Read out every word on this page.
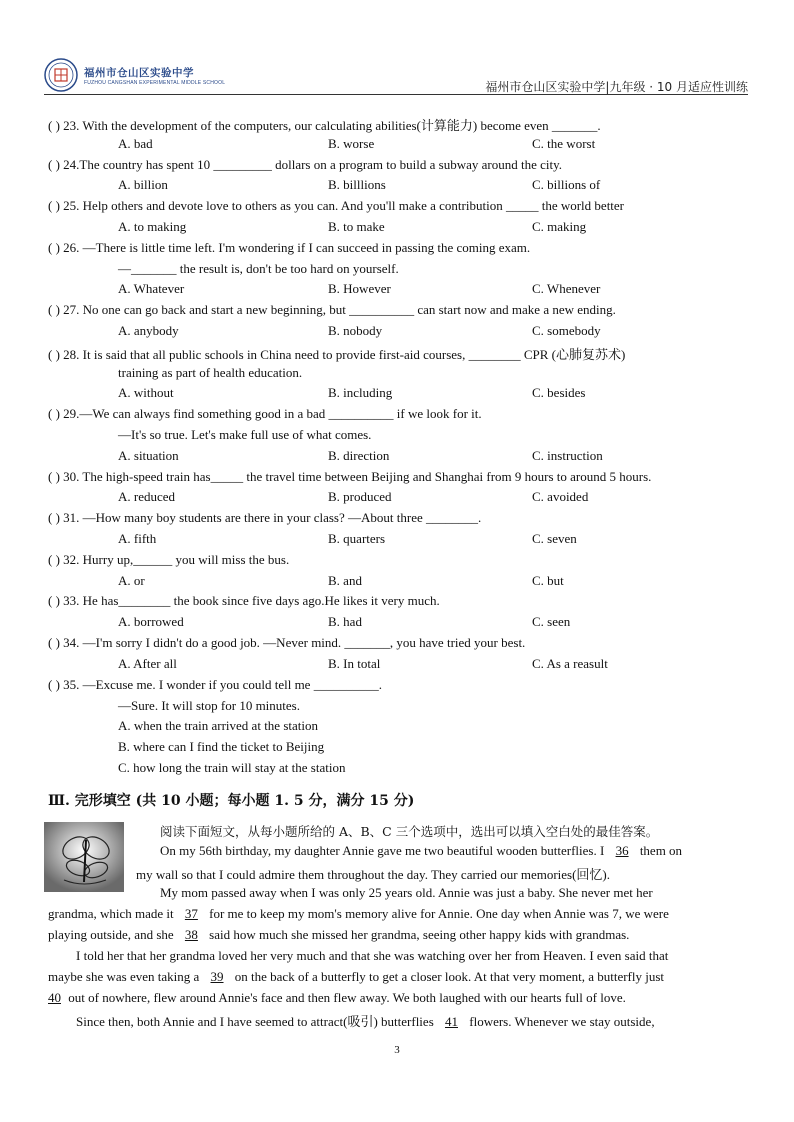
福州市仓山区实验中学
FUZHOU CANGSHAN EXPERIMENTAL MIDDLE SCHOOL	福州市仓山区实验中学|九年级 · 10 月适应性训练
( ) 23. With the development of the computers, our calculating abilities(计算能力) become even _______.
A. bad	B. worse	C. the worst
( ) 24.The country has spent 10 _________ dollars on a program to build a subway around the city.
A. billion	B. billlions	C. billions of
( ) 25. Help others and devote love to others as you can. And you'll make a contribution _____ the world better
A. to making	B. to make	C. making
( ) 26. —There is little time left. I'm wondering if I can succeed in passing the coming exam.
—_______ the result is, don't be too hard on yourself.
A. Whatever	B. However	C. Whenever
( ) 27. No one can go back and start a new beginning, but __________ can start now and make a new ending.
A. anybody	B. nobody	C. somebody
( ) 28. It is said that all public schools in China need to provide first-aid courses, ________ CPR (心肺复苏术)
training as part of health education.
A. without	B. including	C. besides
( ) 29.—We can always find something good in a bad __________ if we look for it.
—It's so true. Let's make full use of what comes.
A. situation	B. direction	C. instruction
( ) 30. The high-speed train has_____ the travel time between Beijing and Shanghai from 9 hours to around 5 hours.
A. reduced	B. produced	C. avoided
( ) 31. —How many boy students are there in your class? —About three ________.
A. fifth	B. quarters	C. seven
( ) 32. Hurry up,______ you will miss the bus.
A. or	B. and	C. but
( ) 33. He has________ the book since five days ago.He likes it very much.
A. borrowed	B. had	C. seen
( ) 34. —I'm sorry I didn't do a good job. —Never mind. _______, you have tried your best.
A. After all	B. In total	C. As a reasult
( ) 35. —Excuse me. I wonder if you could tell me __________.
—Sure. It will stop for 10 minutes.
A. when the train arrived at the station
B. where can I find the ticket to Beijing
C. how long the train will stay at the station
Ⅲ. 完形填空 (共 10 小题；每小题 1. 5 分，满分 15 分)
阅读下面短文，从每小题所给的 A、B、C 三个选项中，选出可以填入空白处的最佳答案。
On my 56th birthday, my daughter Annie gave me two beautiful wooden butterflies. I 36 them on
my wall so that I could admire them throughout the day. They carried our memories(回忆).
My mom passed away when I was only 25 years old. Annie was just a baby. She never met her
grandma, which made it 37 for me to keep my mom's memory alive for Annie. One day when Annie was 7, we were
playing outside, and she 38 said how much she missed her grandma, seeing other happy kids with grandmas.
I told her that her grandma loved her very much and that she was watching over her from Heaven. I even said that
maybe she was even taking a 39 on the back of a butterfly to get a closer look. At that very moment, a butterfly just
40 out of nowhere, flew around Annie's face and then flew away. We both laughed with our hearts full of love.
Since then, both Annie and I have seemed to attract(吸引) butterflies 41 flowers. Whenever we stay outside,
3
